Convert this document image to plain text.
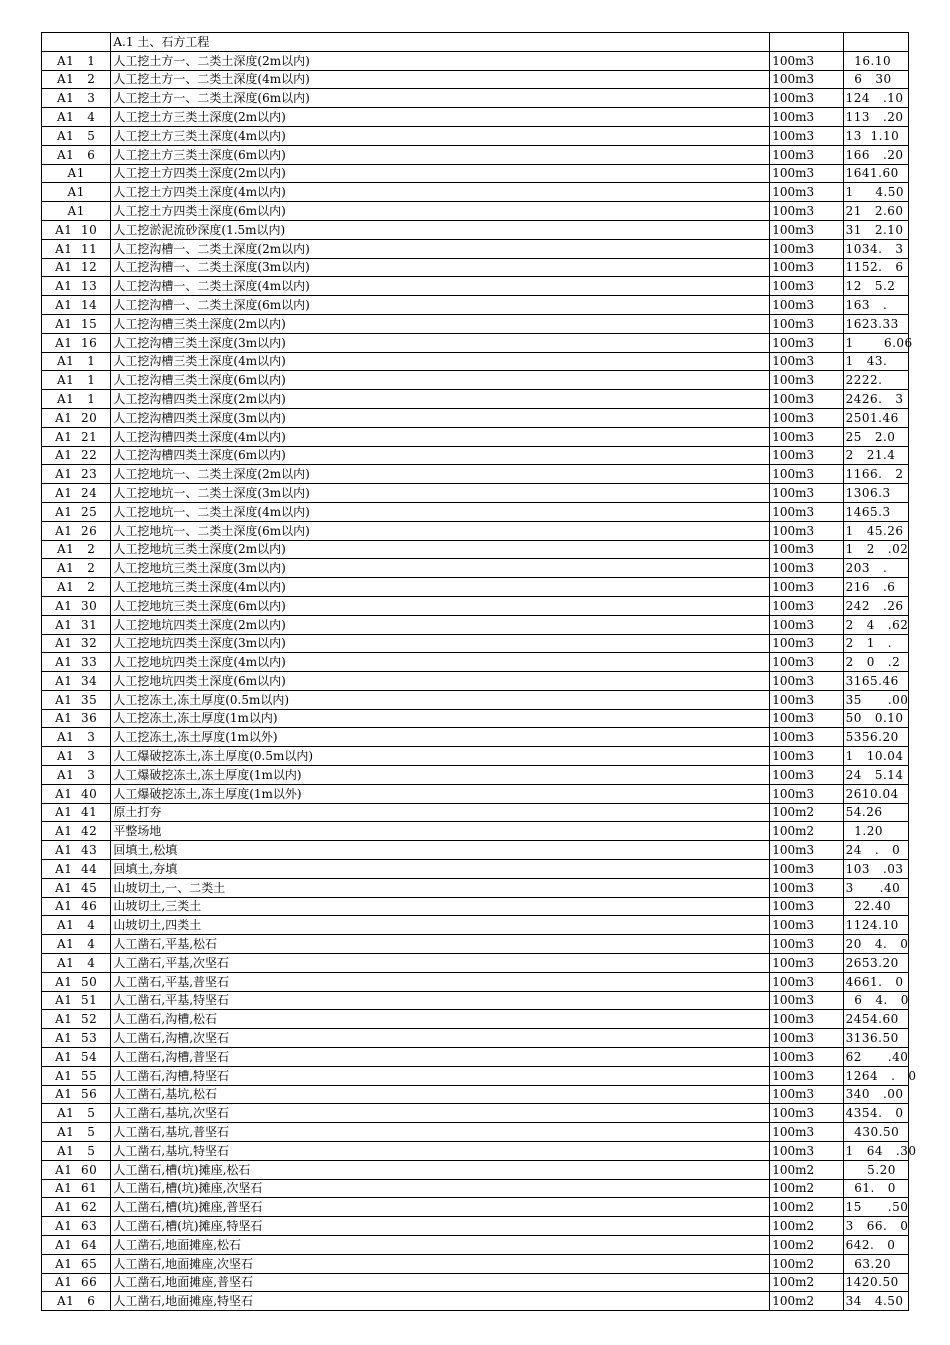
	A.1 土、石方工程		
A1   1	人工挖土方一、二类土深度(2m以内)	100m3	16.10
A1   2	人工挖土方一、二类土深度(4m以内)	100m3	6   30
A1   3	人工挖土方一、二类土深度(6m以内)	100m3	124   .10
A1   4	人工挖土方三类土深度(2m以内)	100m3	113   .20
A1   5	人工挖土方三类土深度(4m以内)	100m3	13  1.10
A1   6	人工挖土方三类土深度(6m以内)	100m3	166   .20
A1	人工挖土方四类土深度(2m以内)	100m3	1641.60
A1	人工挖土方四类土深度(4m以内)	100m3	1     4.50
A1	人工挖土方四类土深度(6m以内)	100m3	21   2.60
A1  10	人工挖淤泥流砂深度(1.5m以内)	100m3	31   2.10
A1  11	人工挖沟槽一、二类土深度(2m以内)	100m3	1034.   3
A1  12	人工挖沟槽一、二类土深度(3m以内)	100m3	1152.   6
A1  13	人工挖沟槽一、二类土深度(4m以内)	100m3	12   5.2
A1  14	人工挖沟槽一、二类土深度(6m以内)	100m3	163   .
A1  15	人工挖沟槽三类土深度(2m以内)	100m3	1623.33
A1  16	人工挖沟槽三类土深度(3m以内)	100m3	1       6.06
A1   1	人工挖沟槽三类土深度(4m以内)	100m3	1   43.
A1   1	人工挖沟槽三类土深度(6m以内)	100m3	2222.
A1   1	人工挖沟槽四类土深度(2m以内)	100m3	2426.   3
A1  20	人工挖沟槽四类土深度(3m以内)	100m3	2501.46
A1  21	人工挖沟槽四类土深度(4m以内)	100m3	25   2.0
A1  22	人工挖沟槽四类土深度(6m以内)	100m3	2   21.4
A1  23	人工挖地坑一、二类土深度(2m以内)	100m3	1166.   2
A1  24	人工挖地坑一、二类土深度(3m以内)	100m3	1306.3
A1  25	人工挖地坑一、二类土深度(4m以内)	100m3	1465.3
A1  26	人工挖地坑一、二类土深度(6m以内)	100m3	1   45.26
A1   2	人工挖地坑三类土深度(2m以内)	100m3	1   2   .02
A1   2	人工挖地坑三类土深度(3m以内)	100m3	203   .
A1   2	人工挖地坑三类土深度(4m以内)	100m3	216   .6
A1  30	人工挖地坑三类土深度(6m以内)	100m3	242   .26
A1  31	人工挖地坑四类土深度(2m以内)	100m3	2   4   .62
A1  32	人工挖地坑四类土深度(3m以内)	100m3	2   1   .
A1  33	人工挖地坑四类土深度(4m以内)	100m3	2   0   .2
A1  34	人工挖地坑四类土深度(6m以内)	100m3	3165.46
A1  35	人工挖冻土,冻土厚度(0.5m以内)	100m3	35      .00
A1  36	人工挖冻土,冻土厚度(1m以内)	100m3	50   0.10
A1   3	人工挖冻土,冻土厚度(1m以外)	100m3	5356.20
A1   3	人工爆破挖冻土,冻土厚度(0.5m以内)	100m3	1   10.04
A1   3	人工爆破挖冻土,冻土厚度(1m以内)	100m3	24   5.14
A1  40	人工爆破挖冻土,冻土厚度(1m以外)	100m3	2610.04
A1  41	原土打夯	100m2	54.26
A1  42	平整场地	100m2	1.20
A1  43	回填土,松填	100m3	24   .   0
A1  44	回填土,夯填	100m3	103   .03
A1  45	山坡切土,一、二类土	100m3	3      .40
A1  46	山坡切土,三类土	100m3	22.40
A1   4	山坡切土,四类土	100m3	1124.10
A1   4	人工凿石,平基,松石	100m3	20   4.   0
A1   4	人工凿石,平基,次坚石	100m3	2653.20
A1  50	人工凿石,平基,普坚石	100m3	4661.   0
A1  51	人工凿石,平基,特坚石	100m3	6   4.   0
A1  52	人工凿石,沟槽,松石	100m3	2454.60
A1  53	人工凿石,沟槽,次坚石	100m3	3136.50
A1  54	人工凿石,沟槽,普坚石	100m3	62      .40
A1  55	人工凿石,沟槽,特坚石	100m3	1264   .   0
A1  56	人工凿石,基坑,松石	100m3	340   .00
A1   5	人工凿石,基坑,次坚石	100m3	4354.   0
A1   5	人工凿石,基坑,普坚石	100m3	430.50
A1   5	人工凿石,基坑,特坚石	100m3	1   64   .30
A1  60	人工凿石,槽(坑)摊座,松石	100m2	5.20
A1  61	人工凿石,槽(坑)摊座,次坚石	100m2	61.   0
A1  62	人工凿石,槽(坑)摊座,普坚石	100m2	15      .50
A1  63	人工凿石,槽(坑)摊座,特坚石	100m2	3   66.   0
A1  64	人工凿石,地面摊座,松石	100m2	642.   0
A1  65	人工凿石,地面摊座,次坚石	100m2	63.20
A1  66	人工凿石,地面摊座,普坚石	100m2	1420.50
A1   6	人工凿石,地面摊座,特坚石	100m2	34   4.50
